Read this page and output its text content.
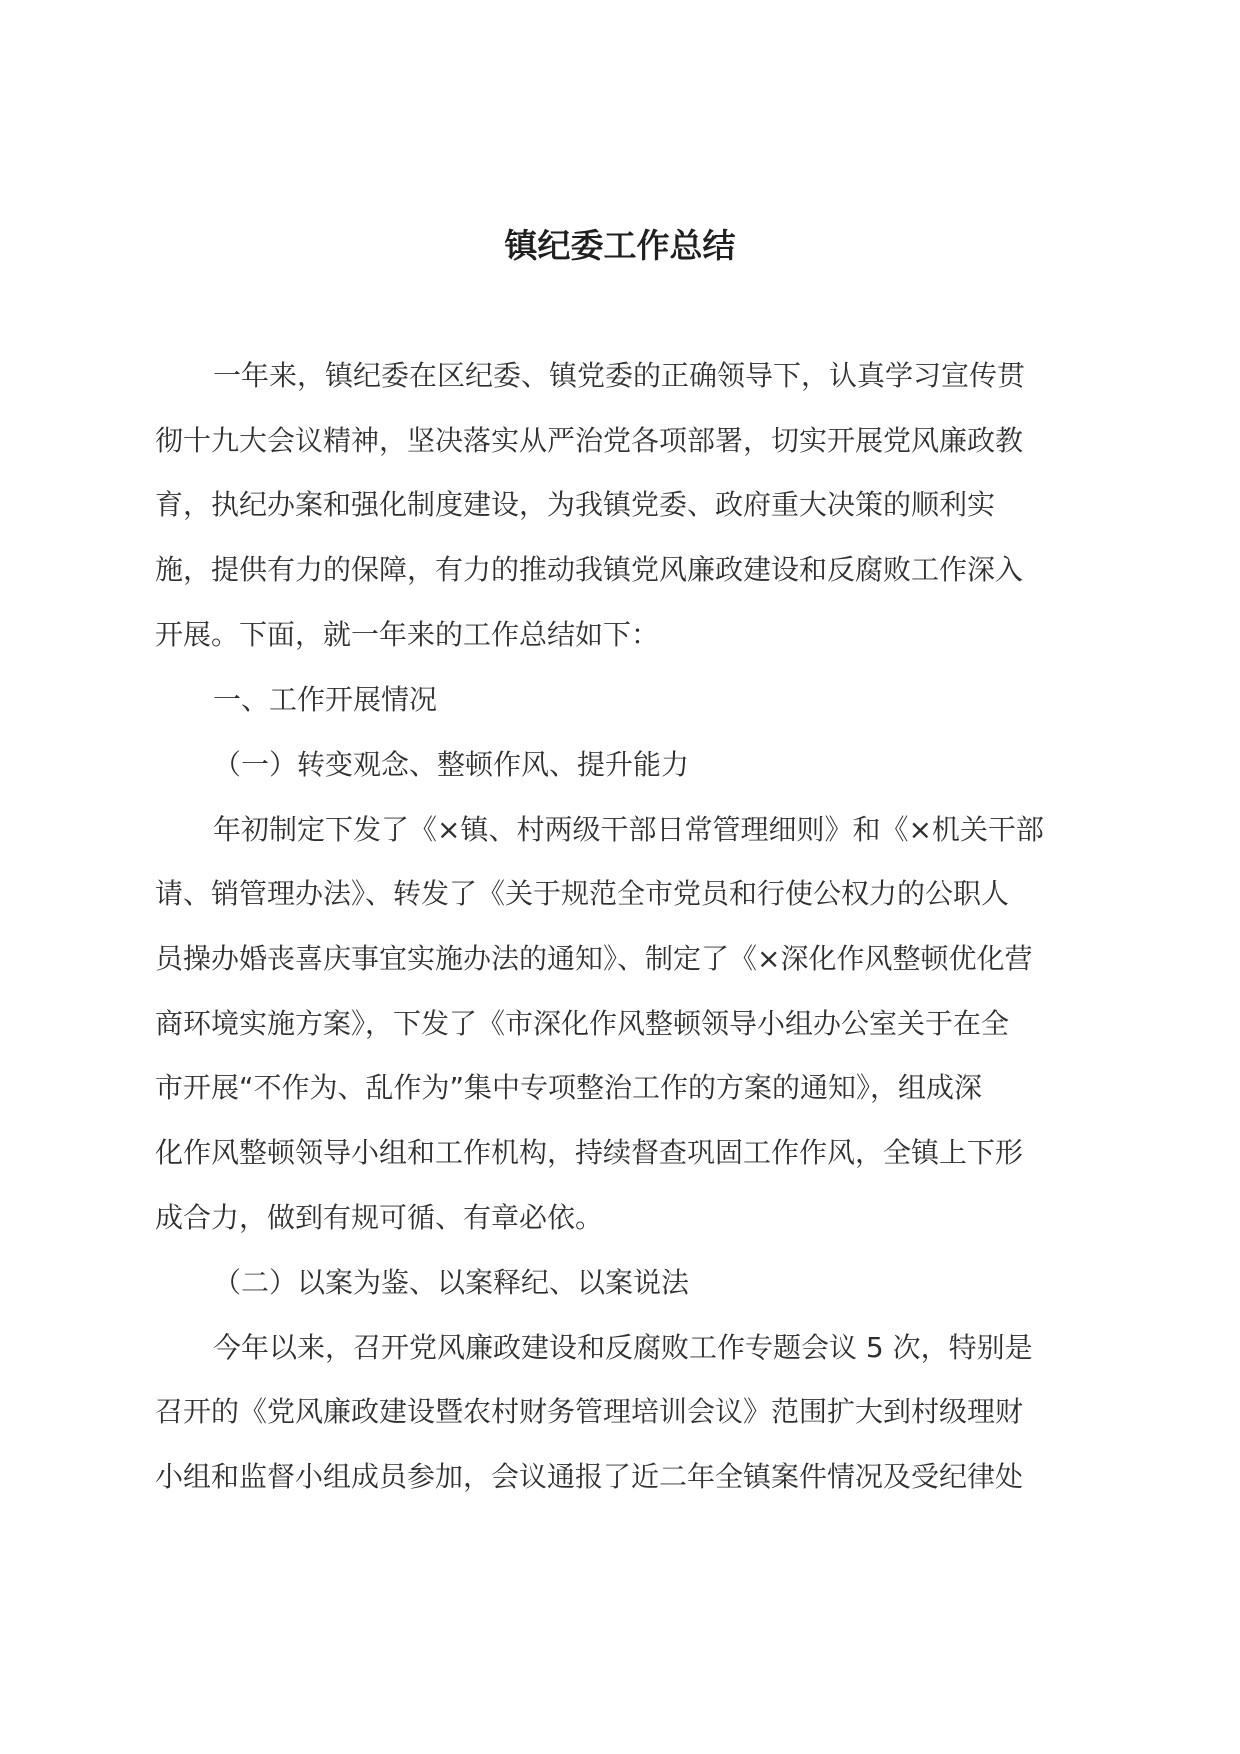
镇纪委工作总结

一年来，镇纪委在区纪委、镇党委的正确领导下，认真学习宣传贯

彻十九大会议精神，坚决落实从严治党各项部署，切实开展党风廉政教

育，执纪办案和强化制度建设，为我镇党委、政府重大决策的顺利实

施，提供有力的保障，有力的推动我镇党风廉政建设和反腐败工作深入

开展。下面，就一年来的工作总结如下：

一、工作开展情况

（一）转变观念、整顿作风、提升能力

年初制定下发了《×镇、村两级干部日常管理细则》和《×机关干部

请、销管理办法》、转发了《关于规范全市党员和行使公权力的公职人

员操办婚丧喜庆事宜实施办法的通知》、制定了《×深化作风整顿优化营

商环境实施方案》，下发了《市深化作风整顿领导小组办公室关于在全

市开展“不作为、乱作为”集中专项整治工作的方案的通知》，组成深

化作风整顿领导小组和工作机构，持续督查巩固工作作风，全镇上下形

成合力，做到有规可循、有章必依。

（二）以案为鉴、以案释纪、以案说法

今年以来，召开党风廉政建设和反腐败工作专题会议 5 次，特别是

召开的《党风廉政建设暨农村财务管理培训会议》范围扩大到村级理财

小组和监督小组成员参加，会议通报了近二年全镇案件情况及受纪律处
